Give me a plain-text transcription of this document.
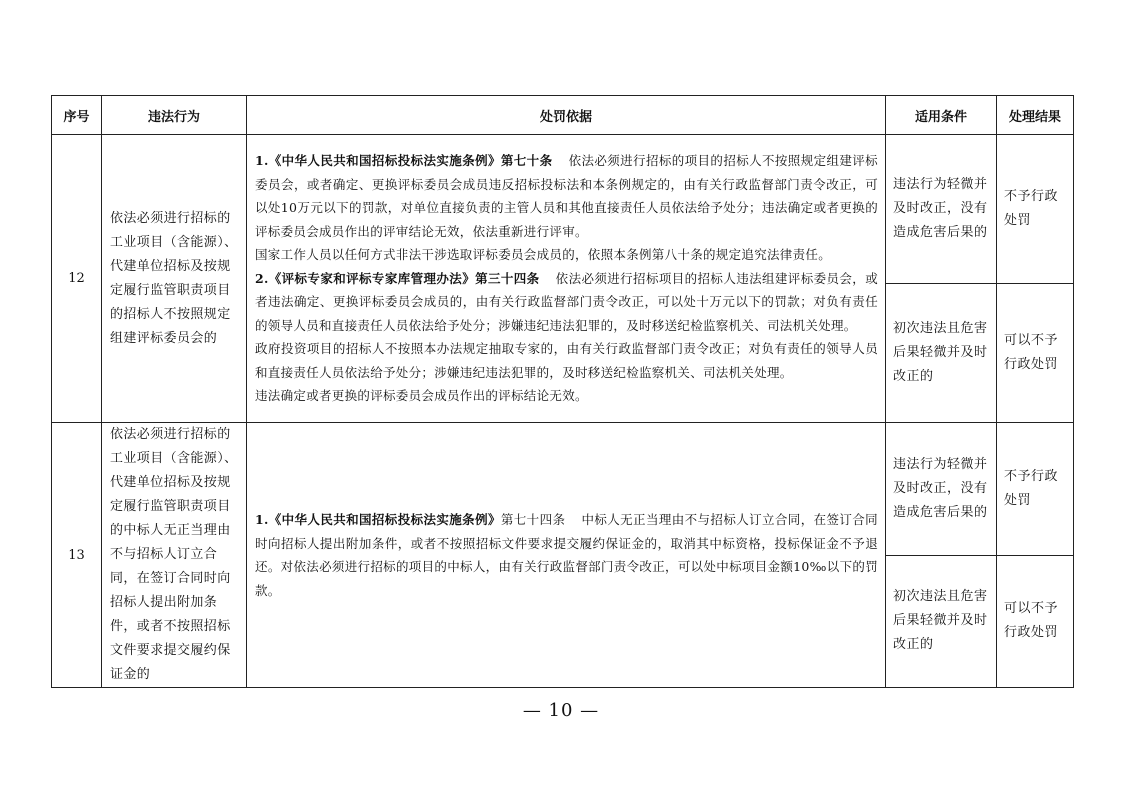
序号	违法行为	处罚依据	适用条件	处理结果
12	依法必须进行招标的工业项目（含能源）、代建单位招标及按规定履行监管职责项目的招标人不按照规定组建评标委员会的	1.《中华人民共和国招标投标法实施条例》第七十条 依法必须进行招标的项目的招标人不按照规定组建评标委员会，或者确定、更换评标委员会成员违反招标投标法和本条例规定的，由有关行政监督部门责令改正，可以处10万元以下的罚款，对单位直接负责的主管人员和其他直接责任人员依法给予处分；违法确定或者更换的评标委员会成员作出的评审结论无效，依法重新进行评审。

国家工作人员以任何方式非法干涉选取评标委员会成员的，依照本条例第八十条的规定追究法律责任。

2.《评标专家和评标专家库管理办法》第三十四条 依法必须进行招标项目的招标人违法组建评标委员会，或者违法确定、更换评标委员会成员的，由有关行政监督部门责令改正，可以处十万元以下的罚款；对负有责任的领导人员和直接责任人员依法给予处分；涉嫌违纪违法犯罪的，及时移送纪检监察机关、司法机关处理。

政府投资项目的招标人不按照本办法规定抽取专家的，由有关行政监督部门责令改正；对负有责任的领导人员和直接责任人员依法给予处分；涉嫌违纪违法犯罪的，及时移送纪检监察机关、司法机关处理。

违法确定或者更换的评标委员会成员作出的评标结论无效。	违法行为轻微并及时改正，没有造成危害后果的	不予行政处罚
			初次违法且危害后果轻微并及时改正的	可以不予行政处罚
13	依法必须进行招标的工业项目（含能源）、代建单位招标及按规定履行监管职责项目的中标人无正当理由不与招标人订立合同，在签订合同时向招标人提出附加条件，或者不按照招标文件要求提交履约保证金的	1.《中华人民共和国招标投标法实施条例》第七十四条 中标人无正当理由不与招标人订立合同，在签订合同时向招标人提出附加条件，或者不按照招标文件要求提交履约保证金的，取消其中标资格，投标保证金不予退还。对依法必须进行招标的项目的中标人，由有关行政监督部门责令改正，可以处中标项目金额10‰以下的罚款。	违法行为轻微并及时改正，没有造成危害后果的	不予行政处罚
			初次违法且危害后果轻微并及时改正的	可以不予行政处罚
— 10 —
